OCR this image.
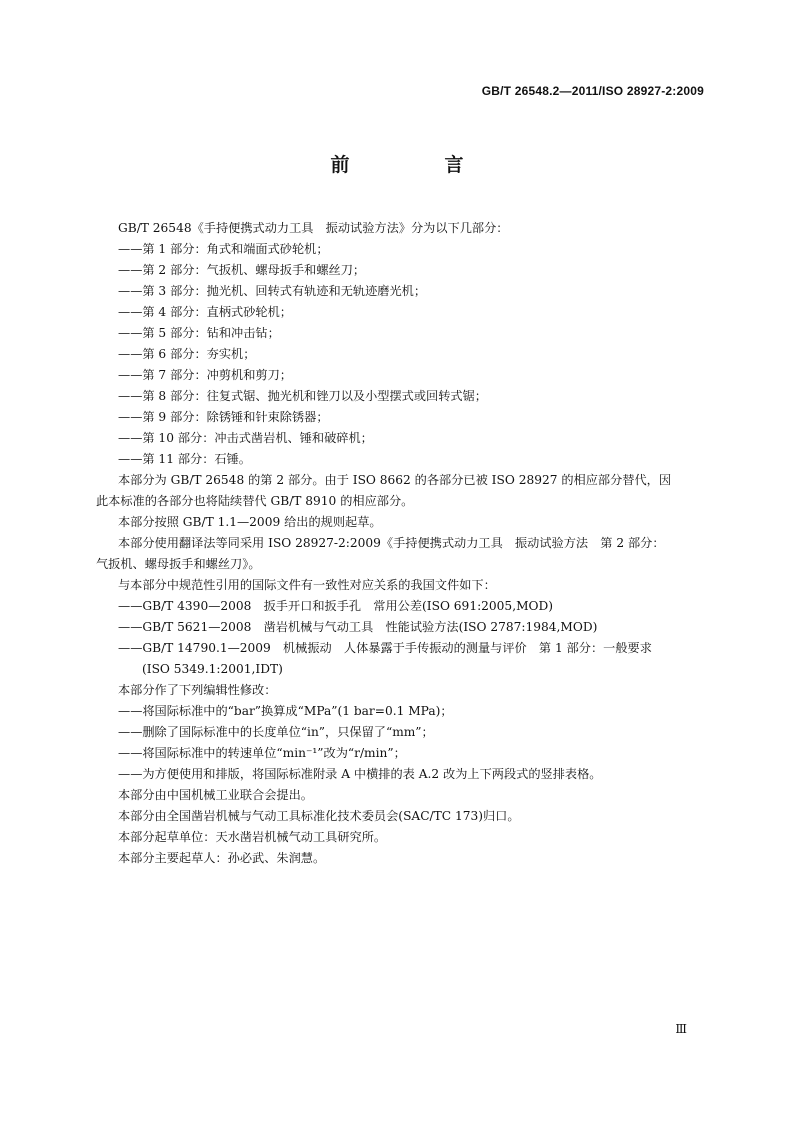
GB/T 26548.2—2011/ISO 28927-2:2009
前　言

GB/T 26548《手持便携式动力工具　振动试验方法》分为以下几部分：

——第 1 部分：角式和端面式砂轮机；

——第 2 部分：气扳机、螺母扳手和螺丝刀；

——第 3 部分：抛光机、回转式有轨迹和无轨迹磨光机；

——第 4 部分：直柄式砂轮机；

——第 5 部分：钻和冲击钻；

——第 6 部分：夯实机；

——第 7 部分：冲剪机和剪刀；

——第 8 部分：往复式锯、抛光机和锉刀以及小型摆式或回转式锯；

——第 9 部分：除锈锤和针束除锈器；

——第 10 部分：冲击式凿岩机、锤和破碎机；

——第 11 部分：石锤。

本部分为 GB/T 26548 的第 2 部分。由于 ISO 8662 的各部分已被 ISO 28927 的相应部分替代，因

此本标准的各部分也将陆续替代 GB/T 8910 的相应部分。

本部分按照 GB/T 1.1—2009 给出的规则起草。

本部分使用翻译法等同采用 ISO 28927-2:2009《手持便携式动力工具　振动试验方法　第 2 部分：

气扳机、螺母扳手和螺丝刀》。

与本部分中规范性引用的国际文件有一致性对应关系的我国文件如下：

——GB/T 4390—2008　扳手开口和扳手孔　常用公差(ISO 691:2005,MOD)

——GB/T 5621—2008　凿岩机械与气动工具　性能试验方法(ISO 2787:1984,MOD)

——GB/T 14790.1—2009　机械振动　人体暴露于手传振动的测量与评价　第 1 部分：一般要求

(ISO 5349.1:2001,IDT)

本部分作了下列编辑性修改：

——将国际标准中的“bar”换算成“MPa”(1 bar=0.1 MPa)；

——删除了国际标准中的长度单位“in”，只保留了“mm”；

——将国际标准中的转速单位“min⁻¹”改为“r/min”；

——为方便使用和排版，将国际标准附录 A 中横排的表 A.2 改为上下两段式的竖排表格。

本部分由中国机械工业联合会提出。

本部分由全国凿岩机械与气动工具标准化技术委员会(SAC/TC 173)归口。

本部分起草单位：天水凿岩机械气动工具研究所。

本部分主要起草人：孙必武、朱润慧。

Ⅲ
